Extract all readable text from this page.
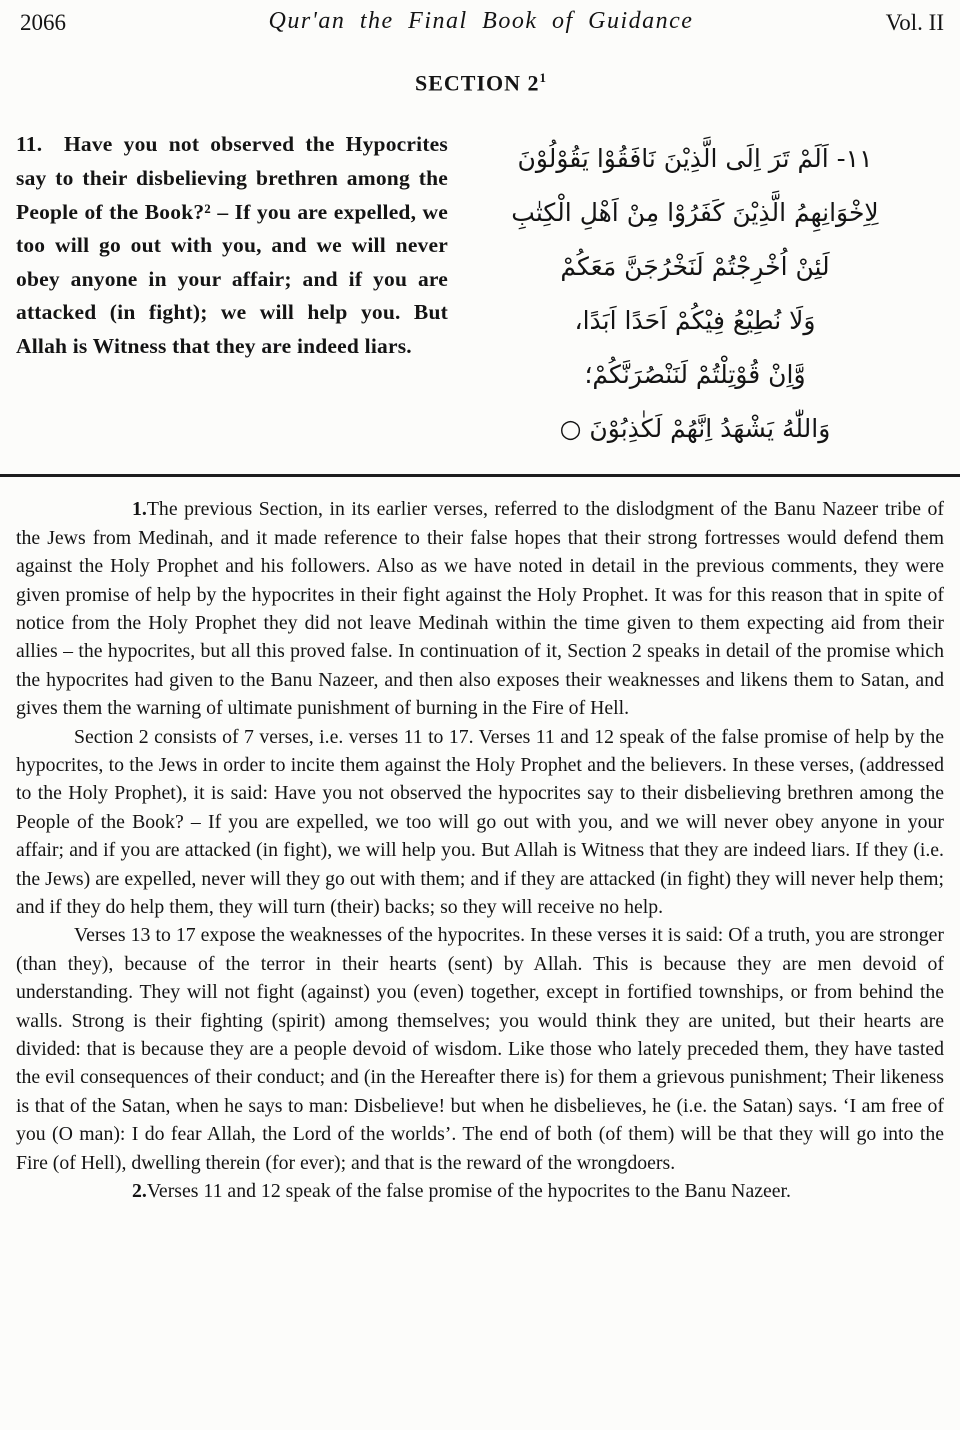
2066	Qur'an the Final Book of Guidance	Vol. II
SECTION $2^1$
11. Have you not observed the Hypocrites say to their disbelieving brethren among the People of the Book?² – If you are expelled, we too will go out with you, and we will never obey anyone in your affair; and if you are attacked (in fight); we will help you. But Allah is Witness that they are indeed liars.
۱۱- اَلَمْ تَرَ اِلَى الَّذِيْنَ نَافَقُوْا يَقُوْلُوْنَ
لِاِخْوَانِهِمُ الَّذِيْنَ كَفَرُوْا مِنْ اَهْلِ الْكِتٰبِ
لَئِنْ اُخْرِجْتُمْ لَنَخْرُجَنَّ مَعَكُمْ
وَلَا نُطِيْعُ فِيْكُمْ اَحَدًا اَبَدًا،
وَّاِنْ قُوْتِلْتُمْ لَنَنْصُرَنَّكُمْ؛
وَاللّٰهُ يَشْهَدُ اِنَّهُمْ لَكٰذِبُوْنَ ○

1.The previous Section, in its earlier verses, referred to the dislodgment of the Banu Nazeer tribe of the Jews from Medinah, and it made reference to their false hopes that their strong fortresses would defend them against the Holy Prophet and his followers. Also as we have noted in detail in the previous comments, they were given promise of help by the hypocrites in their fight against the Holy Prophet. It was for this reason that in spite of notice from the Holy Prophet they did not leave Medinah within the time given to them expecting aid from their allies – the hypocrites, but all this proved false. In continuation of it, Section 2 speaks in detail of the promise which the hypocrites had given to the Banu Nazeer, and then also exposes their weaknesses and likens them to Satan, and gives them the warning of ultimate punishment of burning in the Fire of Hell.

Section 2 consists of 7 verses, i.e. verses 11 to 17. Verses 11 and 12 speak of the false promise of help by the hypocrites, to the Jews in order to incite them against the Holy Prophet and the believers. In these verses, (addressed to the Holy Prophet), it is said: Have you not observed the hypocrites say to their disbelieving brethren among the People of the Book? – If you are expelled, we too will go out with you, and we will never obey anyone in your affair; and if you are attacked (in fight), we will help you. But Allah is Witness that they are indeed liars. If they (i.e. the Jews) are expelled, never will they go out with them; and if they are attacked (in fight) they will never help them; and if they do help them, they will turn (their) backs; so they will receive no help.

Verses 13 to 17 expose the weaknesses of the hypocrites. In these verses it is said: Of a truth, you are stronger (than they), because of the terror in their hearts (sent) by Allah. This is because they are men devoid of understanding. They will not fight (against) you (even) together, except in fortified townships, or from behind the walls. Strong is their fighting (spirit) among themselves; you would think they are united, but their hearts are divided: that is because they are a people devoid of wisdom. Like those who lately preceded them, they have tasted the evil consequences of their conduct; and (in the Hereafter there is) for them a grievous punishment; Their likeness is that of the Satan, when he says to man: Disbelieve! but when he disbelieves, he (i.e. the Satan) says. ‘I am free of you (O man): I do fear Allah, the Lord of the worlds’. The end of both (of them) will be that they will go into the Fire (of Hell), dwelling therein (for ever); and that is the reward of the wrongdoers.

2.Verses 11 and 12 speak of the false promise of the hypocrites to the Banu Nazeer.
